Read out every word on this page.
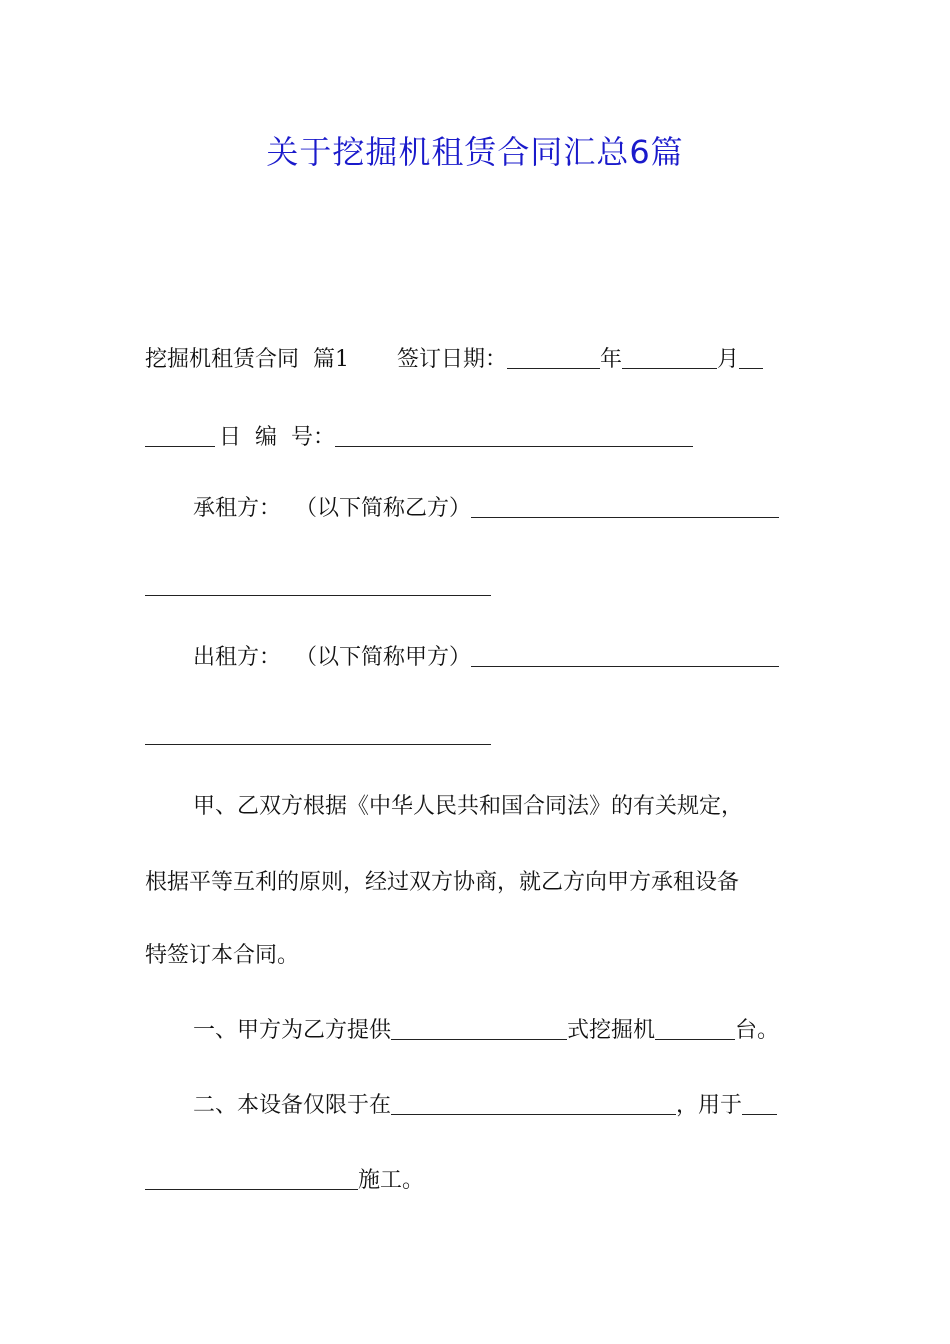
关于挖掘机租赁合同汇总6篇
挖掘机租赁合同 篇1 签订日期：	年	月
日 编  号：
承租方： （以下简称乙方）
出租方： （以下简称甲方）
甲、乙双方根据《中华人民共和国合同法》的有关规定，
根据平等互利的原则，经过双方协商，就乙方向甲方承租设备
特签订本合同。
一、甲方为乙方提供	式挖掘机	台。
二、本设备仅限于在	，用于
施工。
